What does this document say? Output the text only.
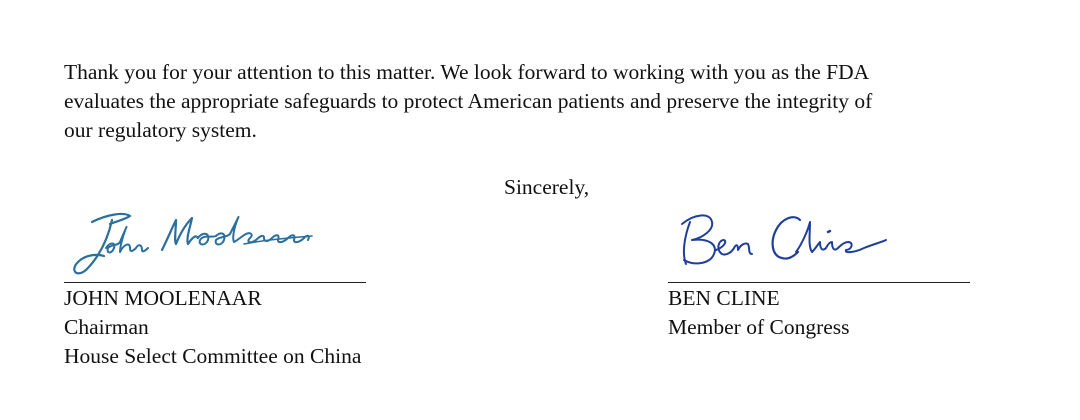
Thank you for your attention to this matter. We look forward to working with you as the FDA
evaluates the appropriate safeguards to protect American patients and preserve the integrity of
our regulatory system.

Sincerely,
JOHN MOOLENAAR
Chairman
House Select Committee on China
BEN CLINE
Member of Congress
